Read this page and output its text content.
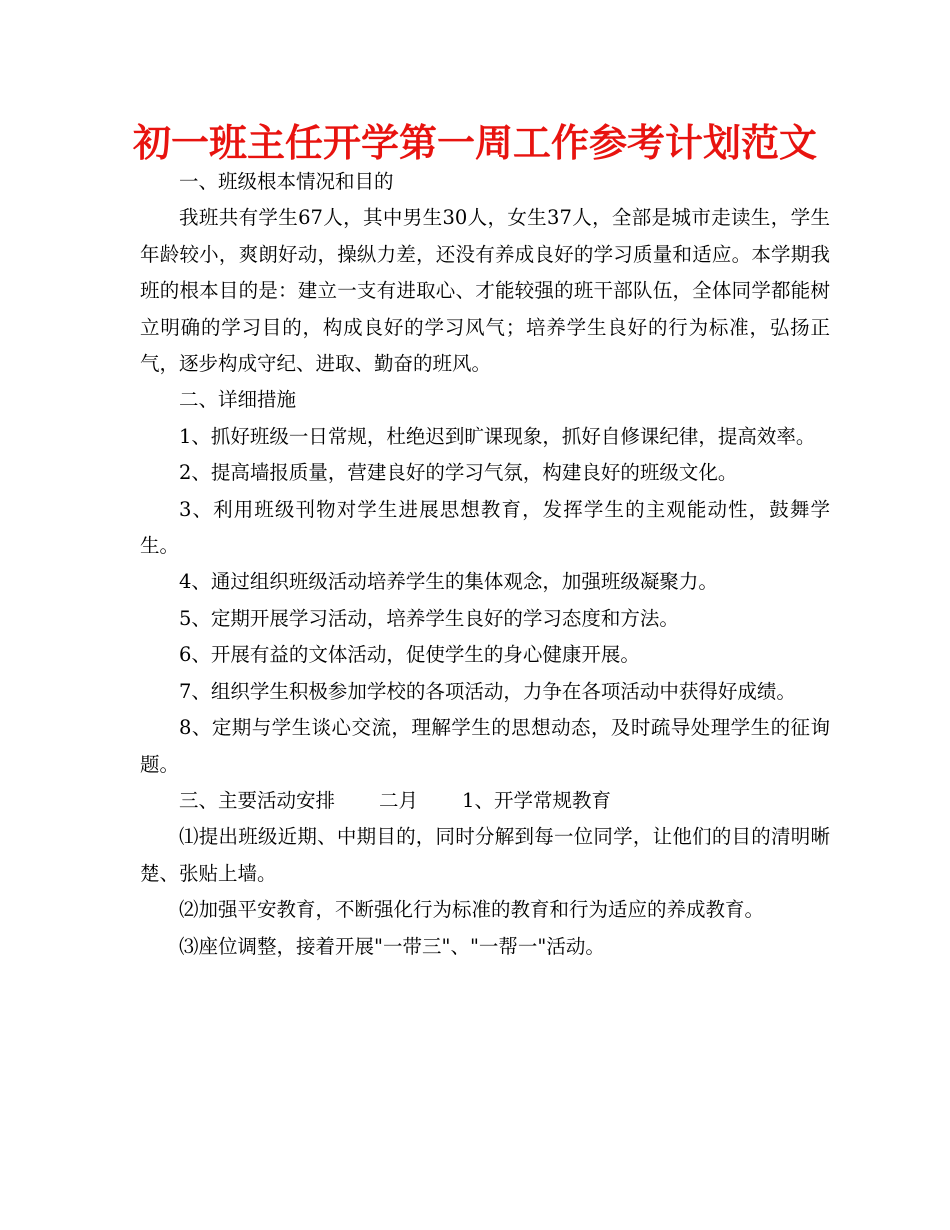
初一班主任开学第一周工作参考计划范文

一、班级根本情况和目的

我班共有学生67人，其中男生30人，女生37人，全部是城市走读生，学生年龄较小，爽朗好动，操纵力差，还没有养成良好的学习质量和适应。本学期我班的根本目的是：建立一支有进取心、才能较强的班干部队伍，全体同学都能树立明确的学习目的，构成良好的学习风气；培养学生良好的行为标准，弘扬正气，逐步构成守纪、进取、勤奋的班风。

二、详细措施

1、抓好班级一日常规，杜绝迟到旷课现象，抓好自修课纪律，提高效率。

2、提高墙报质量，营建良好的学习气氛，构建良好的班级文化。

3、利用班级刊物对学生进展思想教育，发挥学生的主观能动性，鼓舞学生。

4、通过组织班级活动培养学生的集体观念，加强班级凝聚力。

5、定期开展学习活动，培养学生良好的学习态度和方法。

6、开展有益的文体活动，促使学生的身心健康开展。

7、组织学生积极参加学校的各项活动，力争在各项活动中获得好成绩。

8、定期与学生谈心交流，理解学生的思想动态，及时疏导处理学生的征询题。

三、主要活动安排 二月 1、开学常规教育

⑴提出班级近期、中期目的，同时分解到每一位同学，让他们的目的清明晰楚、张贴上墙。

⑵加强平安教育，不断强化行为标准的教育和行为适应的养成教育。

⑶座位调整，接着开展"一带三"、"一帮一"活动。
